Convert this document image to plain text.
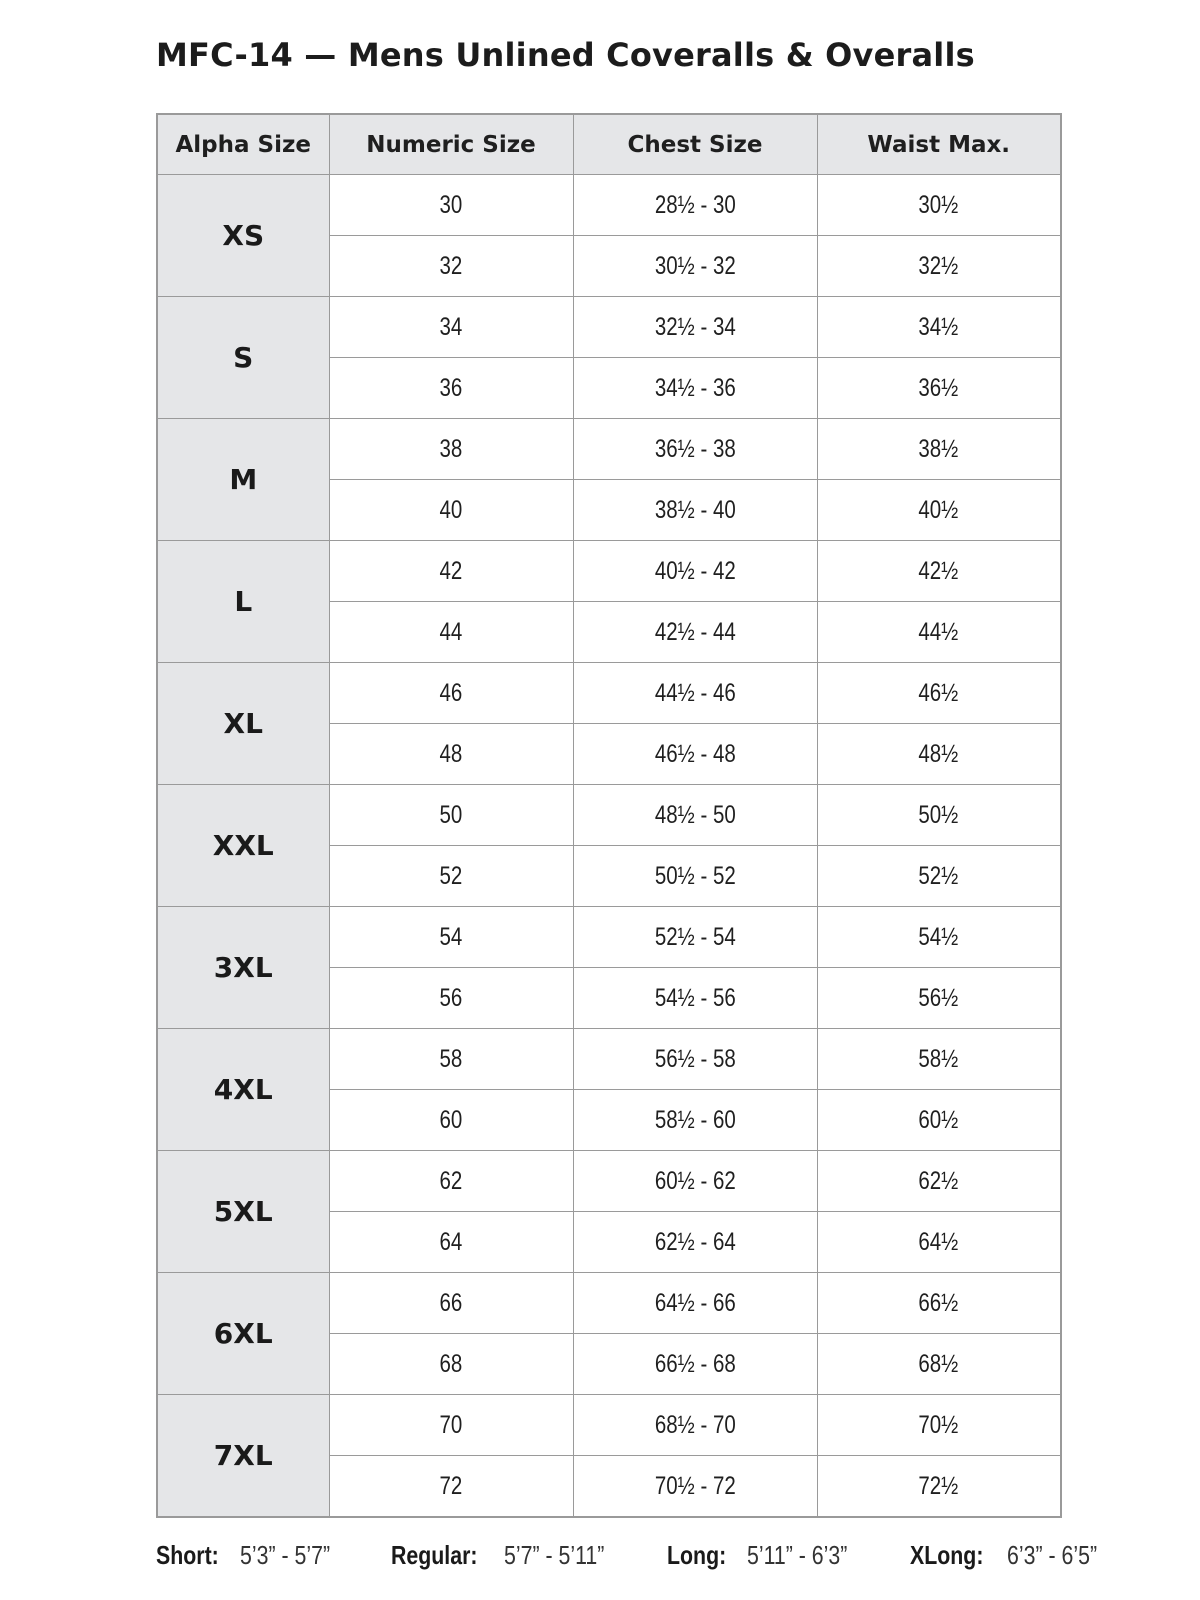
MFC-14 — Mens Unlined Coveralls & Overalls
Alpha Size	Numeric Size	Chest Size	Waist Max.
XS	30	28½ - 30	30½
	32	30½ - 32	32½
S	34	32½ - 34	34½
	36	34½ - 36	36½
M	38	36½ - 38	38½
	40	38½ - 40	40½
L	42	40½ - 42	42½
	44	42½ - 44	44½
XL	46	44½ - 46	46½
	48	46½ - 48	48½
XXL	50	48½ - 50	50½
	52	50½ - 52	52½
3XL	54	52½ - 54	54½
	56	54½ - 56	56½
4XL	58	56½ - 58	58½
	60	58½ - 60	60½
5XL	62	60½ - 62	62½
	64	62½ - 64	64½
6XL	66	64½ - 66	66½
	68	66½ - 68	68½
7XL	70	68½ - 70	70½
	72	70½ - 72	72½
Short: 5’3” - 5’7” Regular: 5’7” - 5’11” Long: 5’11” - 6’3” XLong: 6’3” - 6’5”
